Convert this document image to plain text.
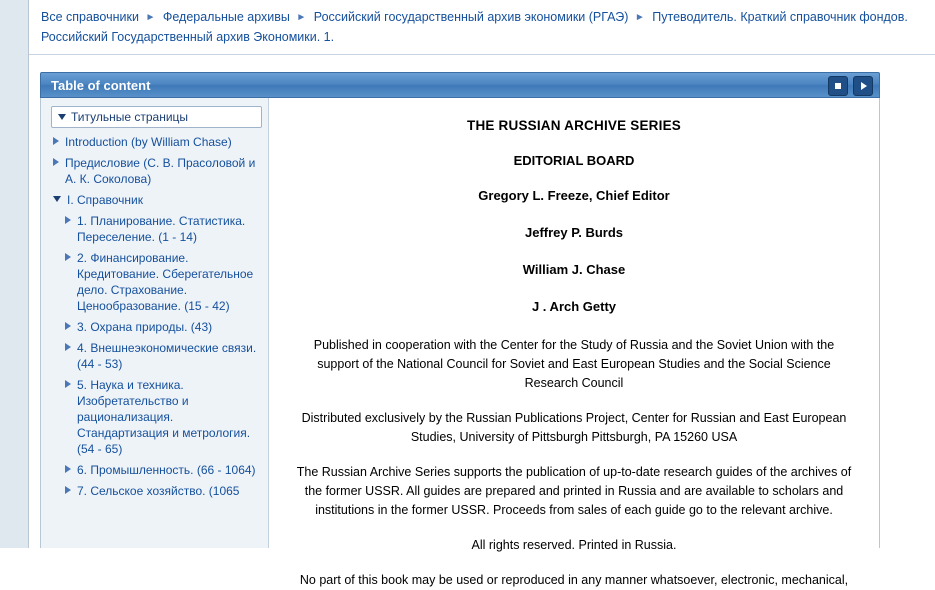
Все справочники ► Федеральные архивы ► Российский государственный архив экономики (РГАЭ) ► Путеводитель. Краткий справочник фондов. Российский Государственный архив Экономики. 1.
Table of content
Титульные страницы
Introduction (by William Chase)
Предисловие (С. В. Прасоловой и А. К. Соколова)
I. Справочник
1. Планирование. Статистика. Переселение. (1 - 14)
2. Финансирование. Кредитование. Сберегательное дело. Страхование. Ценообразование. (15 - 42)
3. Охрана природы. (43)
4. Внешнеэкономические связи. (44 - 53)
5. Наука и техника. Изобретательство и рационализация. Стандартизация и метрология. (54 - 65)
6. Промышленность. (66 - 1064)
7. Сельское хозяйство. (1065
THE RUSSIAN ARCHIVE SERIES
EDITORIAL BOARD
Gregory L. Freeze, Chief Editor
Jeffrey P. Burds
William J. Chase
J . Arch Getty

Published in cooperation with the Center for the Study of Russia and the Soviet Union with the support of the National Council for Soviet and East European Studies and the Social Science Research Council

Distributed exclusively by the Russian Publications Project, Center for Russian and East European Studies, University of Pittsburgh Pittsburgh, PA 15260 USA

The Russian Archive Series supports the publication of up-to-date research guides of the archives of the former USSR. All guides are prepared and printed in Russia and are available to scholars and institutions in the former USSR. Proceeds from sales of each guide go to the relevant archive.

All rights reserved. Printed in Russia.

No part of this book may be used or reproduced in any manner whatsoever, electronic, mechanical,
